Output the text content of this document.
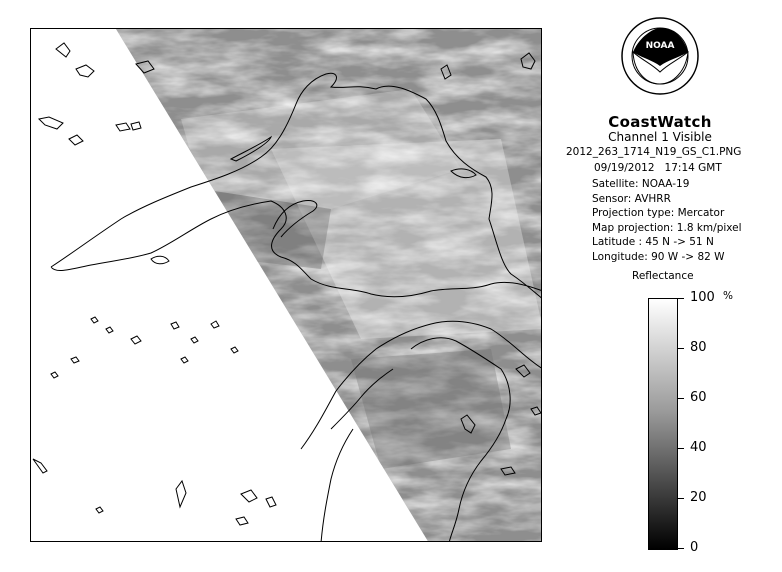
NOAA
CoastWatch
Channel 1 Visible
2012_263_1714_N19_GS_C1.PNG
09/19/2012 17:14 GMT
Satellite: NOAA-19
Sensor: AVHRR
Projection type: Mercator
Map projection: 1.8 km/pixel
Latitude : 45 N -> 51 N
Longitude: 90 W -> 82 W
Reflectance
%
100
80
60
40
20
0
